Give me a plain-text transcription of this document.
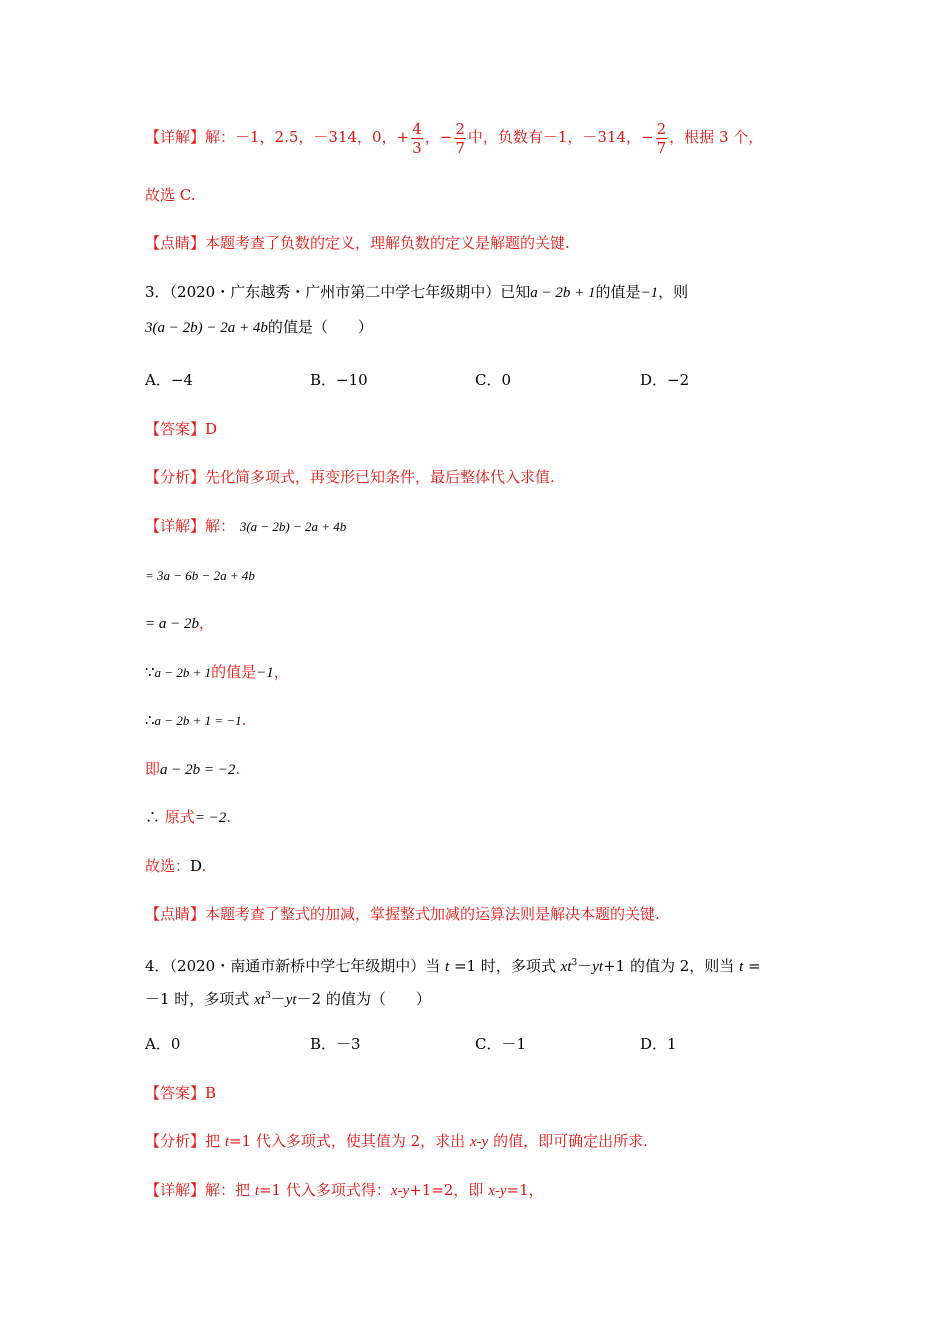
【详解】解：－1，2.5，－314，0，+ $\frac{4}{3}$ ，− $\frac{2}{7}$ 中，负数有－1，－314，− $\frac{2}{7}$ ，根据 3 个，
故选 C.
【点睛】本题考查了负数的定义，理解负数的定义是解题的关键.
3．（2020・广东越秀・广州市第二中学七年级期中）已知a − 2b + 1的值是−1，则
3(a − 2b) − 2a + 4b的值是（　　）
A．−4	B．−10	C．0	D．−2
【答案】D
【分析】先化简多项式，再变形已知条件，最后整体代入求值.
【详解】解： 3(a − 2b) − 2a + 4b
= 3a − 6b − 2a + 4b
= a − 2b，
∵a − 2b + 1的值是−1，
∴a − 2b + 1 = −1.
即a − 2b = −2.
∴ 原式= −2.
故选：D.
【点睛】本题考查了整式的加减，掌握整式加减的运算法则是解决本题的关键.
4．（2020・南通市新桥中学七年级期中）当 t =1 时，多项式 $xt^3-yt+1$ 的值为 2，则当 t =
－1 时，多项式 $xt^3-yt-2$ 的值为（　　）
A．0	B．－3	C．－1	D．1
【答案】B
【分析】把 t=1 代入多项式，使其值为 2，求出 x-y 的值，即可确定出所求.
【详解】解：把 t=1 代入多项式得：x-y+1=2，即 x-y=1，
